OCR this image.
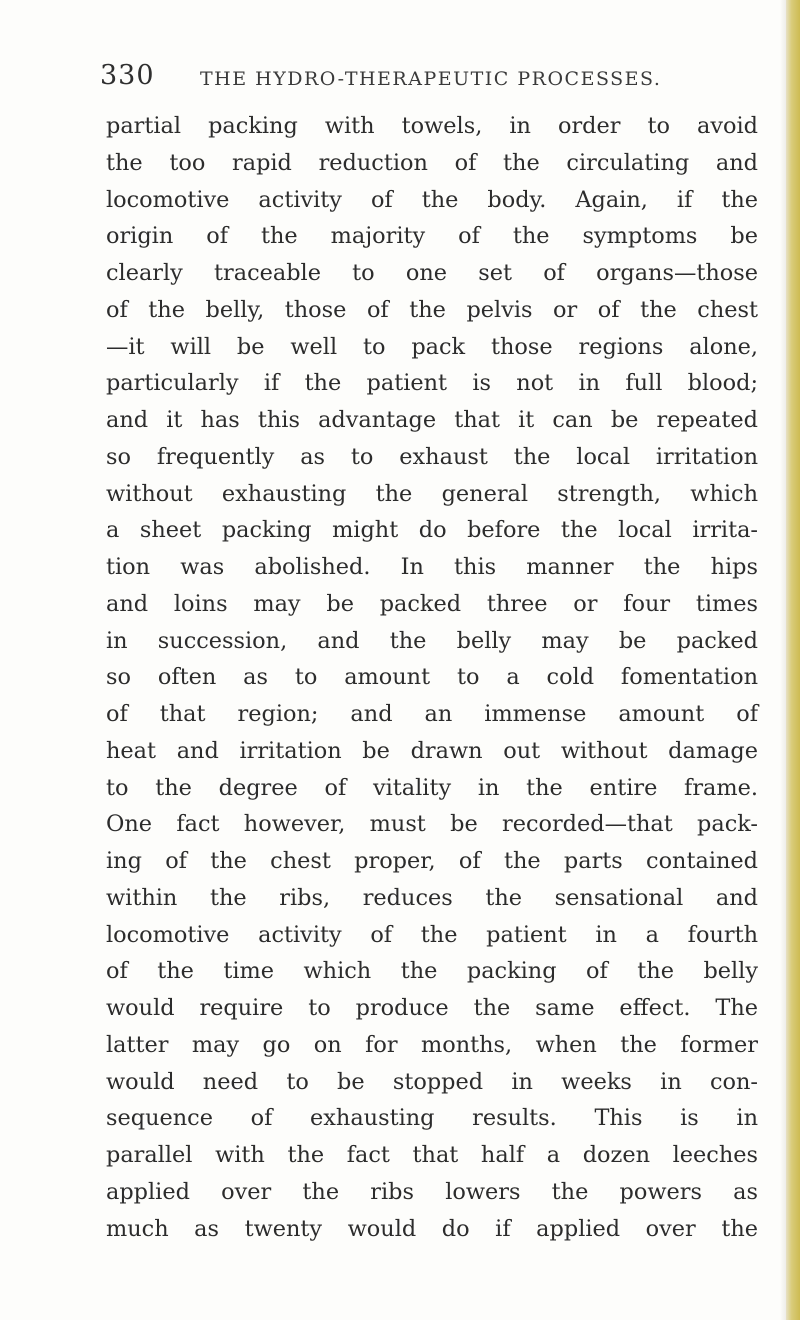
330 THE HYDRO-THERAPEUTIC PROCESSES.
partial packing with towels, in order to avoid
the too rapid reduction of the circulating and
locomotive activity of the body. Again, if the
origin of the majority of the symptoms be
clearly traceable to one set of organs—those
of the belly, those of the pelvis or of the chest
—it will be well to pack those regions alone,
particularly if the patient is not in full blood;
and it has this advantage that it can be repeated
so frequently as to exhaust the local irritation
without exhausting the general strength, which
a sheet packing might do before the local irrita-
tion was abolished. In this manner the hips
and loins may be packed three or four times
in succession, and the belly may be packed
so often as to amount to a cold fomentation
of that region; and an immense amount of
heat and irritation be drawn out without damage
to the degree of vitality in the entire frame.
One fact however, must be recorded—that pack-
ing of the chest proper, of the parts contained
within the ribs, reduces the sensational and
locomotive activity of the patient in a fourth
of the time which the packing of the belly
would require to produce the same effect. The
latter may go on for months, when the former
would need to be stopped in weeks in con-
sequence of exhausting results. This is in
parallel with the fact that half a dozen leeches
applied over the ribs lowers the powers as
much as twenty would do if applied over the
